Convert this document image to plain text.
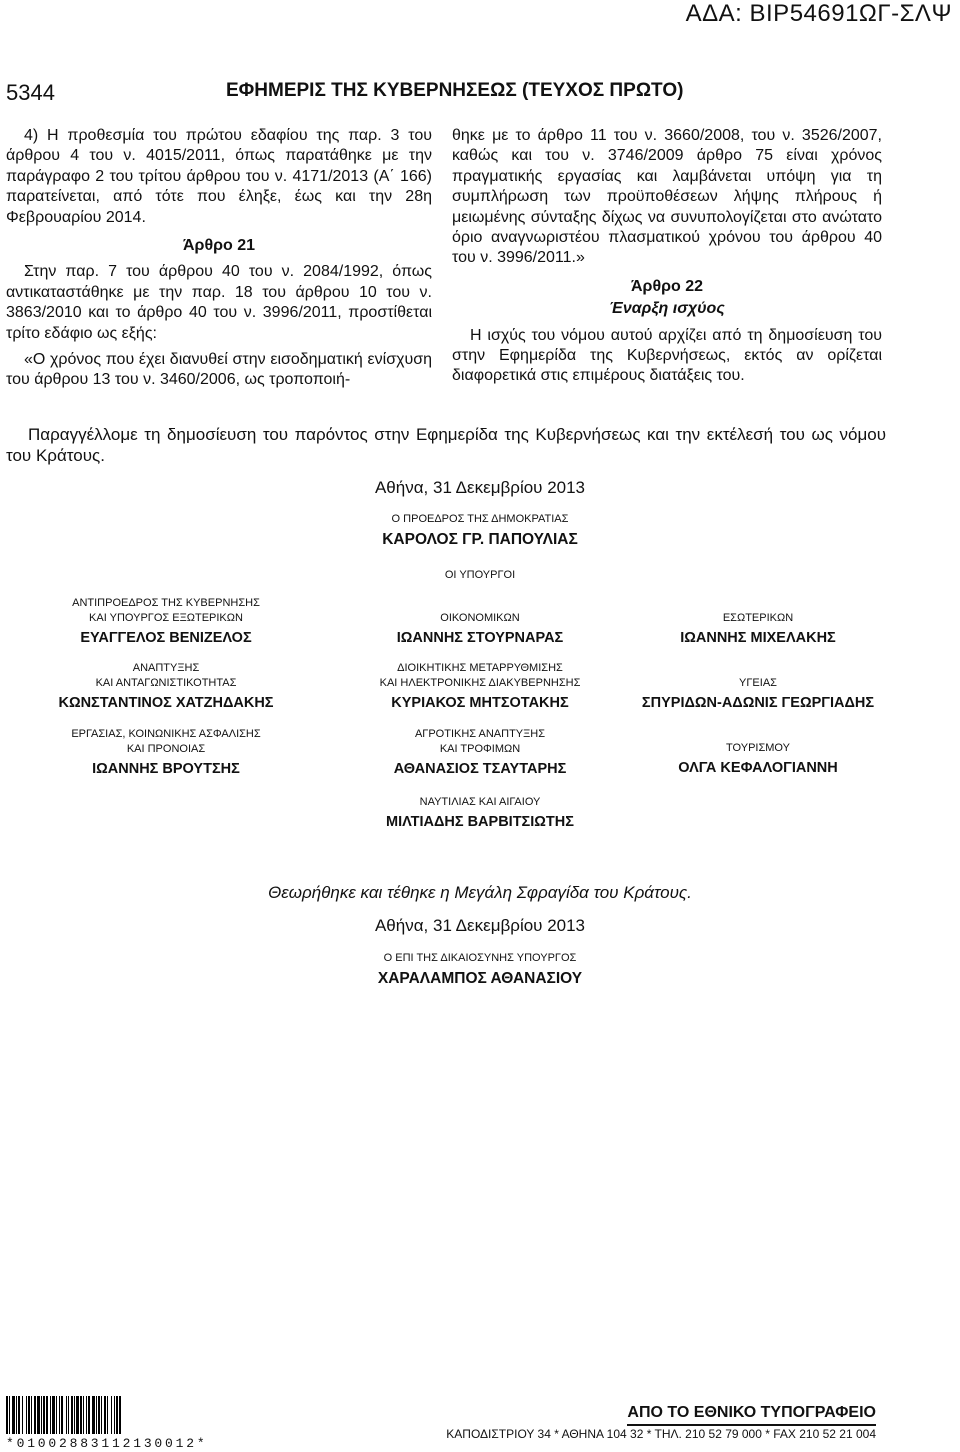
ΑΔΑ: ΒΙΡ54691ΩΓ-ΣΛΨ
5344	ΕΦΗΜΕΡΙΣ ΤΗΣ ΚΥΒΕΡΝΗΣΕΩΣ (ΤΕΥΧΟΣ ΠΡΩΤΟ)

4) Η προθεσμία του πρώτου εδαφίου της παρ. 3 του άρθρου 4 του ν. 4015/2011, όπως παρατάθηκε με την παράγραφο 2 του τρίτου άρθρου του ν. 4171/2013 (Α΄ 166) παρατείνεται, από τότε που έληξε, έως και την 28η Φεβρουαρίου 2014.

Άρθρο 21

Στην παρ. 7 του άρθρου 40 του ν. 2084/1992, όπως αντικαταστάθηκε με την παρ. 18 του άρθρου 10 του ν. 3863/2010 και το άρθρο 40 του ν. 3996/2011, προστίθεται τρίτο εδάφιο ως εξής:

«Ο χρόνος που έχει διανυθεί στην εισοδηματική ενίσχυση του άρθρου 13 του ν. 3460/2006, ως τροποποιή-

θηκε με το άρθρο 11 του ν. 3660/2008, του ν. 3526/2007, καθώς και του ν. 3746/2009 άρθρο 75 είναι χρόνος πραγματικής εργασίας και λαμβάνεται υπόψη για τη συμπλήρωση των προϋποθέσεων λήψης πλήρους ή μειωμένης σύνταξης δίχως να συνυπολογίζεται στο ανώτατο όριο αναγνωριστέου πλασματικού χρόνου του άρθρου 40 του ν. 3996/2011.»

Άρθρο 22

Έναρξη ισχύος

Η ισχύς του νόμου αυτού αρχίζει από τη δημοσίευση του στην Εφημερίδα της Κυβερνήσεως, εκτός αν ορίζεται διαφορετικά στις επιμέρους διατάξεις του.

Παραγγέλλομε τη δημοσίευση του παρόντος στην Εφημερίδα της Κυβερνήσεως και την εκτέλεσή του ως νόμου του Κράτους.
Αθήνα, 31 Δεκεμβρίου 2013
Ο ΠΡΟΕΔΡΟΣ ΤΗΣ ΔΗΜΟΚΡΑΤΙΑΣ
ΚΑΡΟΛΟΣ ΓΡ. ΠΑΠΟΥΛΙΑΣ
ΟΙ ΥΠΟΥΡΓΟΙ
ΑΝΤΙΠΡΟΕΔΡΟΣ ΤΗΣ ΚΥΒΕΡΝΗΣΗΣ
ΚΑΙ ΥΠΟΥΡΓΟΣ ΕΞΩΤΕΡΙΚΩΝ
ΕΥΑΓΓΕΛΟΣ ΒΕΝΙΖΕΛΟΣ
ΟΙΚΟΝΟΜΙΚΩΝ
ΙΩΑΝΝΗΣ ΣΤΟΥΡΝΑΡΑΣ
ΕΣΩΤΕΡΙΚΩΝ
ΙΩΑΝΝΗΣ ΜΙΧΕΛΑΚΗΣ
ΑΝΑΠΤΥΞΗΣ
ΚΑΙ ΑΝΤΑΓΩΝΙΣΤΙΚΟΤΗΤΑΣ
ΚΩΝΣΤΑΝΤΙΝΟΣ ΧΑΤΖΗΔΑΚΗΣ
ΔΙΟΙΚΗΤΙΚΗΣ ΜΕΤΑΡΡΥΘΜΙΣΗΣ
ΚΑΙ ΗΛΕΚΤΡΟΝΙΚΗΣ ΔΙΑΚΥΒΕΡΝΗΣΗΣ
ΚΥΡΙΑΚΟΣ ΜΗΤΣΟΤΑΚΗΣ
ΥΓΕΙΑΣ
ΣΠΥΡΙΔΩΝ-ΑΔΩΝΙΣ ΓΕΩΡΓΙΑΔΗΣ
ΕΡΓΑΣΙΑΣ, ΚΟΙΝΩΝΙΚΗΣ ΑΣΦΑΛΙΣΗΣ
ΚΑΙ ΠΡΟΝΟΙΑΣ
ΙΩΑΝΝΗΣ ΒΡΟΥΤΣΗΣ
ΑΓΡΟΤΙΚΗΣ ΑΝΑΠΤΥΞΗΣ
ΚΑΙ ΤΡΟΦΙΜΩΝ
ΑΘΑΝΑΣΙΟΣ ΤΣΑΥΤΑΡΗΣ
ΤΟΥΡΙΣΜΟΥ
ΟΛΓΑ ΚΕΦΑΛΟΓΙΑΝΝΗ
ΝΑΥΤΙΛΙΑΣ ΚΑΙ ΑΙΓΑΙΟΥ
ΜΙΛΤΙΑΔΗΣ ΒΑΡΒΙΤΣΙΩΤΗΣ
Θεωρήθηκε και τέθηκε η Μεγάλη Σφραγίδα του Κράτους.
Αθήνα, 31 Δεκεμβρίου 2013
Ο ΕΠΙ ΤΗΣ ΔΙΚΑΙΟΣΥΝΗΣ ΥΠΟΥΡΓΟΣ
ΧΑΡΑΛΑΜΠΟΣ ΑΘΑΝΑΣΙΟΥ
*01002883112130012*
ΑΠΟ ΤΟ ΕΘΝΙΚΟ ΤΥΠΟΓΡΑΦΕΙΟ
ΚΑΠΟΔΙΣΤΡΙΟΥ 34 * ΑΘΗΝΑ 104 32 * ΤΗΛ. 210 52 79 000 * FAX 210 52 21 004
